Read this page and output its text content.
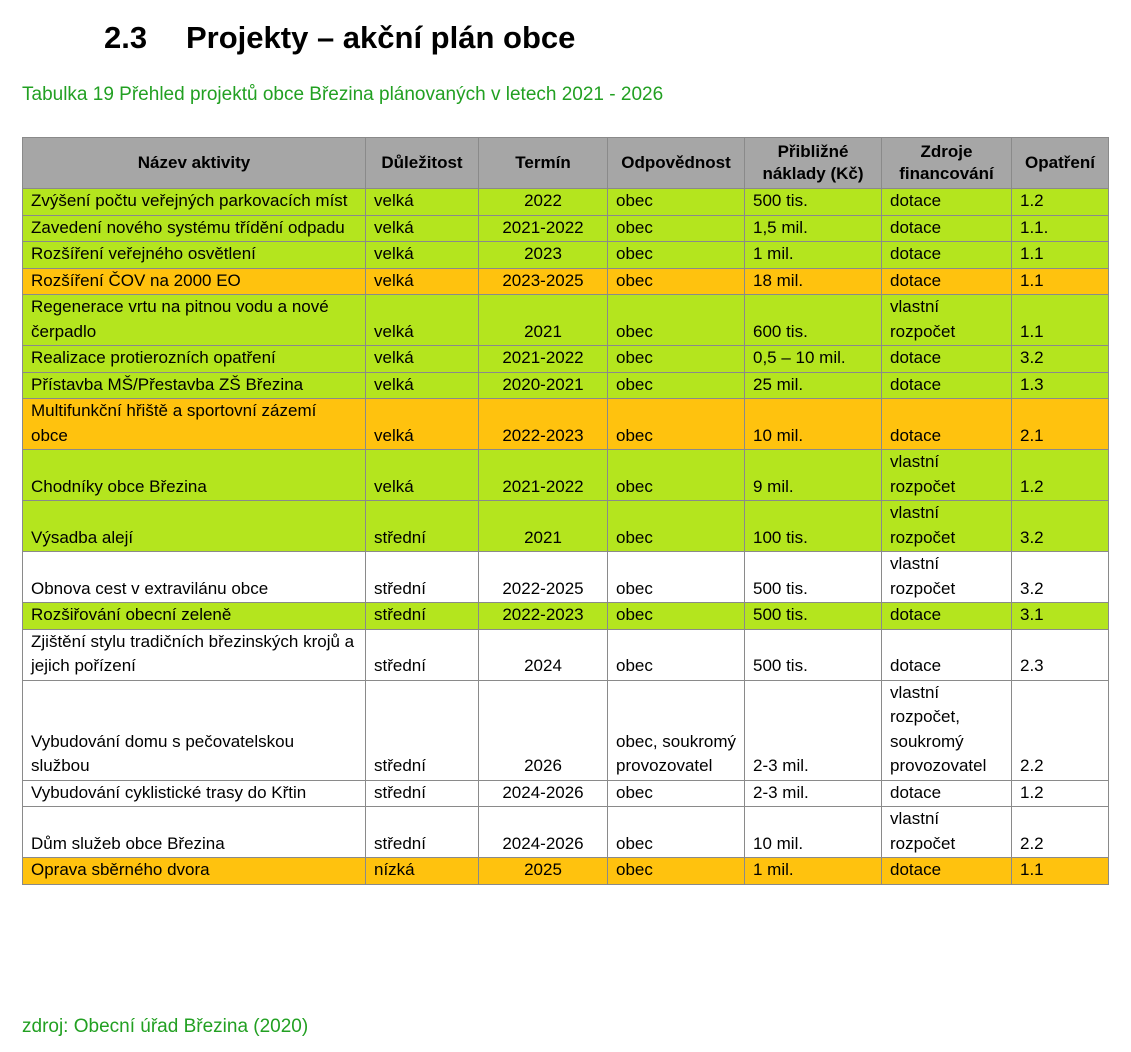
2.3 Projekty – akční plán obce
Tabulka 19 Přehled projektů obce Březina plánovaných v letech 2021 - 2026
Název aktivity	Důležitost	Termín	Odpovědnost	Přibližné náklady (Kč)	Zdroje financování	Opatření
Zvýšení počtu veřejných parkovacích míst	velká	2022	obec	500 tis.	dotace	1.2
Zavedení nového systému třídění odpadu	velká	2021-2022	obec	1,5 mil.	dotace	1.1.
Rozšíření veřejného osvětlení	velká	2023	obec	1 mil.	dotace	1.1
Rozšíření ČOV na 2000 EO	velká	2023-2025	obec	18 mil.	dotace	1.1
Regenerace vrtu na pitnou vodu a nové čerpadlo	velká	2021	obec	600 tis.	vlastní rozpočet	1.1
Realizace protierozních opatření	velká	2021-2022	obec	0,5 – 10 mil.	dotace	3.2
Přístavba MŠ/Přestavba ZŠ Březina	velká	2020-2021	obec	25 mil.	dotace	1.3
Multifunkční hřiště a sportovní zázemí obce	velká	2022-2023	obec	10 mil.	dotace	2.1
Chodníky obce Březina	velká	2021-2022	obec	9 mil.	vlastní rozpočet	1.2
Výsadba alejí	střední	2021	obec	100 tis.	vlastní rozpočet	3.2
Obnova cest v extravilánu obce	střední	2022-2025	obec	500 tis.	vlastní rozpočet	3.2
Rozšiřování obecní zeleně	střední	2022-2023	obec	500 tis.	dotace	3.1
Zjištění stylu tradičních březinských krojů a jejich pořízení	střední	2024	obec	500 tis.	dotace	2.3
Vybudování domu s pečovatelskou službou	střední	2026	obec, soukromý provozovatel	2-3 mil.	vlastní rozpočet, soukromý provozovatel	2.2
Vybudování cyklistické trasy do Křtin	střední	2024-2026	obec	2-3 mil.	dotace	1.2
Dům služeb obce Březina	střední	2024-2026	obec	10 mil.	vlastní rozpočet	2.2
Oprava sběrného dvora	nízká	2025	obec	1 mil.	dotace	1.1
zdroj: Obecní úřad Březina (2020)
